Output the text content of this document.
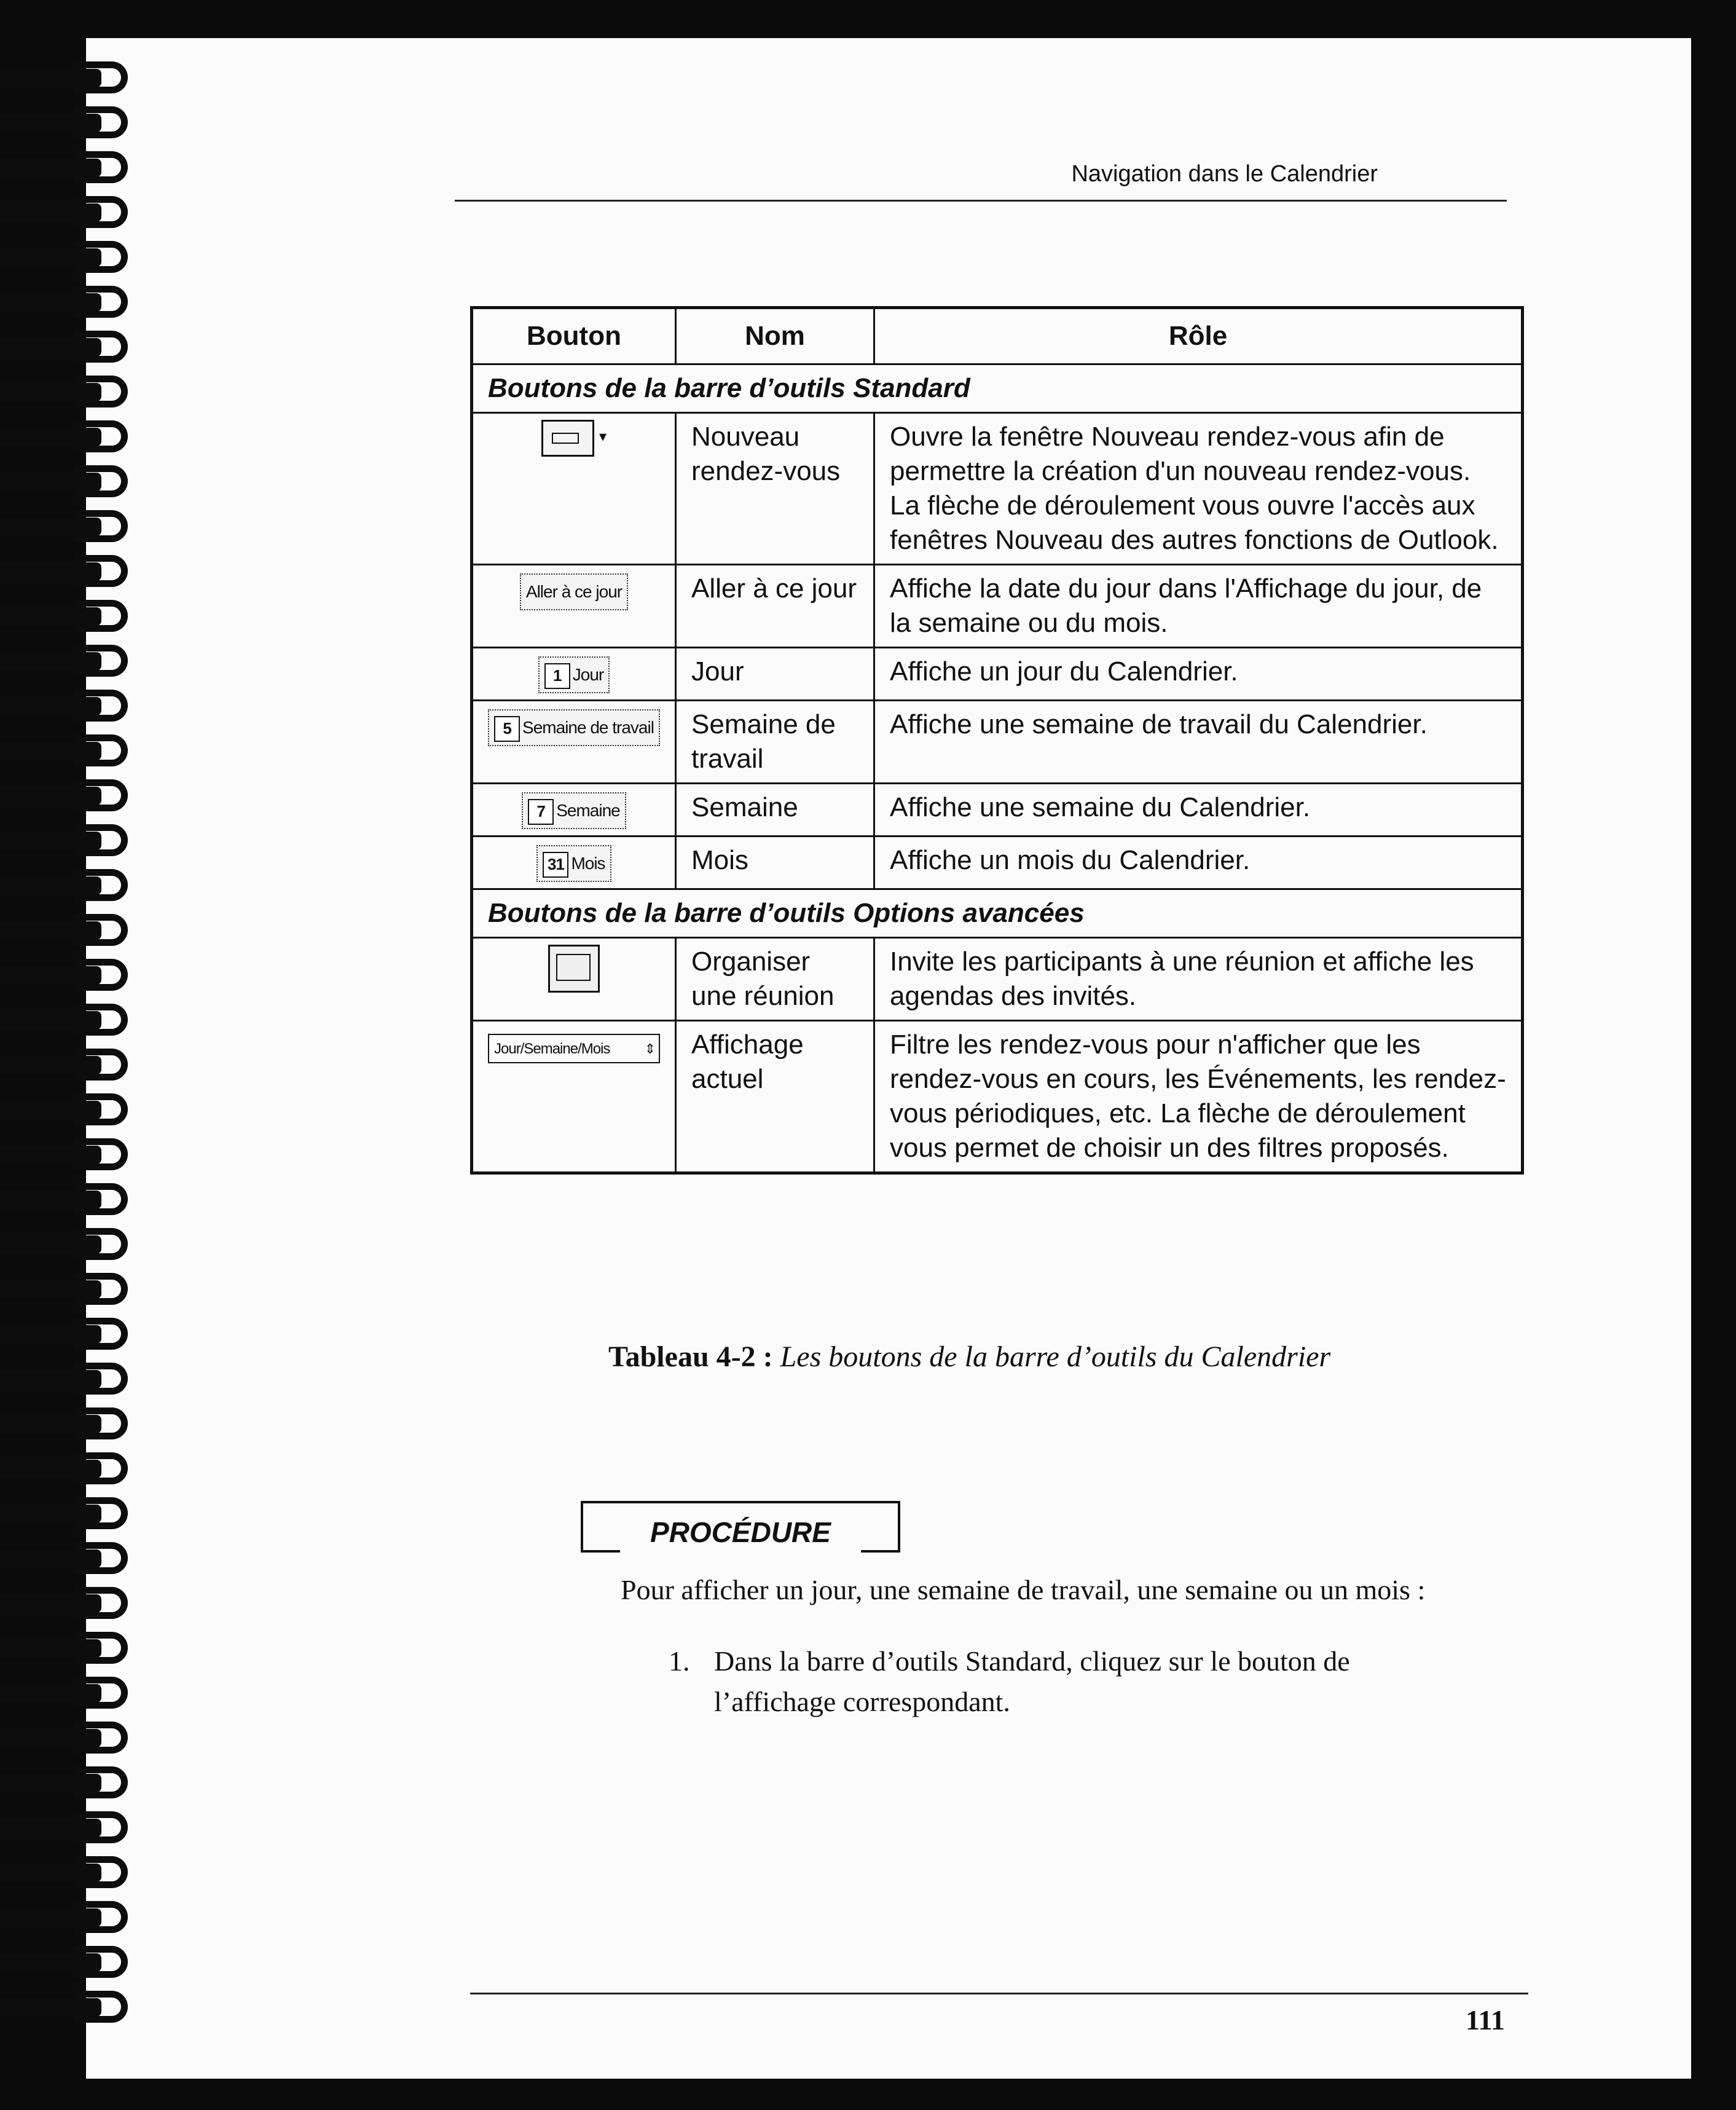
Navigation dans le Calendrier
Bouton	Nom	Rôle
Boutons de la barre d’outils Standard		
▾	Nouveau rendez-vous	Ouvre la fenêtre Nouveau rendez-vous afin de permettre la création d'un nouveau rendez-vous. La flèche de déroulement vous ouvre l'accès aux fenêtres Nouveau des autres fonctions de Outlook.
Aller à ce jour	Aller à ce jour	Affiche la date du jour dans l'Affichage du jour, de la semaine ou du mois.
1 Jour	Jour	Affiche un jour du Calendrier.
5 Semaine de travail	Semaine de travail	Affiche une semaine de travail du Calendrier.
7 Semaine	Semaine	Affiche une semaine du Calendrier.
31 Mois	Mois	Affiche un mois du Calendrier.
Boutons de la barre d’outils Options avancées		
	Organiser une réunion	Invite les participants à une réunion et affiche les agendas des invités.
Jour/Semaine/Mois ⇕	Affichage actuel	Filtre les rendez-vous pour n'afficher que les rendez-vous en cours, les Événements, les rendez-vous périodiques, etc. La flèche de déroulement vous permet de choisir un des filtres proposés.
Tableau 4-2 : Les boutons de la barre d’outils du Calendrier
PROCÉDURE
Pour afficher un jour, une semaine de travail, une semaine ou un mois :
1. Dans la barre d’outils Standard, cliquez sur le bouton de l’affichage correspondant.
111
